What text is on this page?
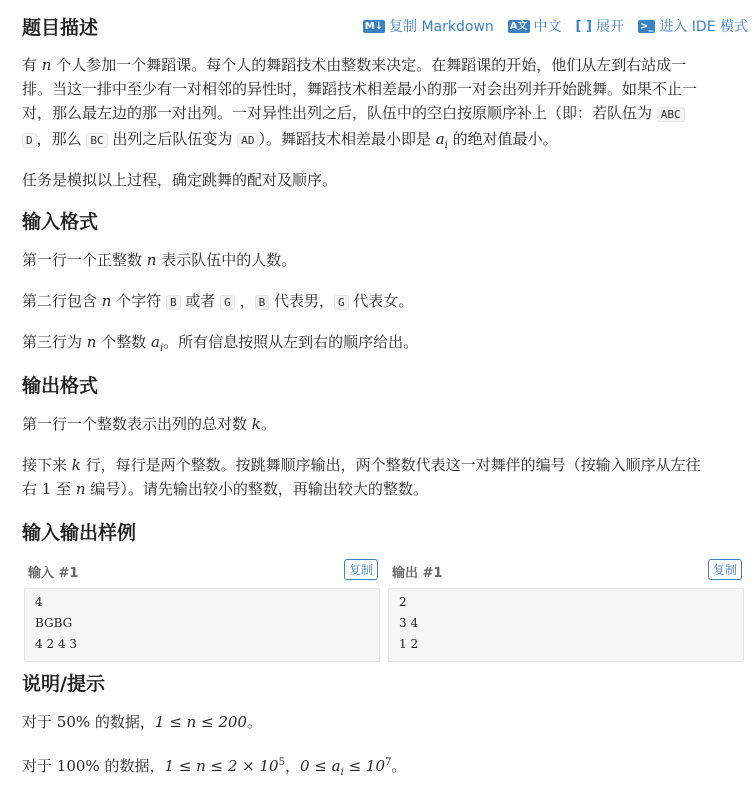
题目描述	M↓ 复制 Markdown A文 中文 [ ] 展开 >_ 进入 IDE 模式

有 n 个人参加一个舞蹈课。每个人的舞蹈技术由整数来决定。在舞蹈课的开始，他们从左到右站成一

排。当这一排中至少有一对相邻的异性时，舞蹈技术相差最小的那一对会出列并开始跳舞。如果不止一

对，那么最左边的那一对出列。一对异性出列之后，队伍中的空白按原顺序补上（即：若队伍为 ABC

D ，那么 BC 出列之后队伍变为 AD ）。舞蹈技术相差最小即是 $a_i$ 的绝对值最小。

任务是模拟以上过程，确定跳舞的配对及顺序。

输入格式

第一行一个正整数 n 表示队伍中的人数。

第二行包含 n 个字符 B 或者 G ， B 代表男， G 代表女。

第三行为 n 个整数 $a_i$。所有信息按照从左到右的顺序给出。

输出格式

第一行一个整数表示出列的总对数 k。

接下来 k 行，每行是两个整数。按跳舞顺序输出，两个整数代表这一对舞伴的编号（按输入顺序从左往

右 1 至 n 编号）。请先输出较小的整数，再输出较大的整数。

输入输出样例
输入 #1	复制
4
BGBG
4 2 4 3
输出 #1	复制
2
3 4
1 2
说明/提示

对于 50% 的数据，1 ≤ n ≤ 200。

对于 100% 的数据，$1 \le n \le 2 \times 10^5$，$0 \le a_i \le 10^7$。
